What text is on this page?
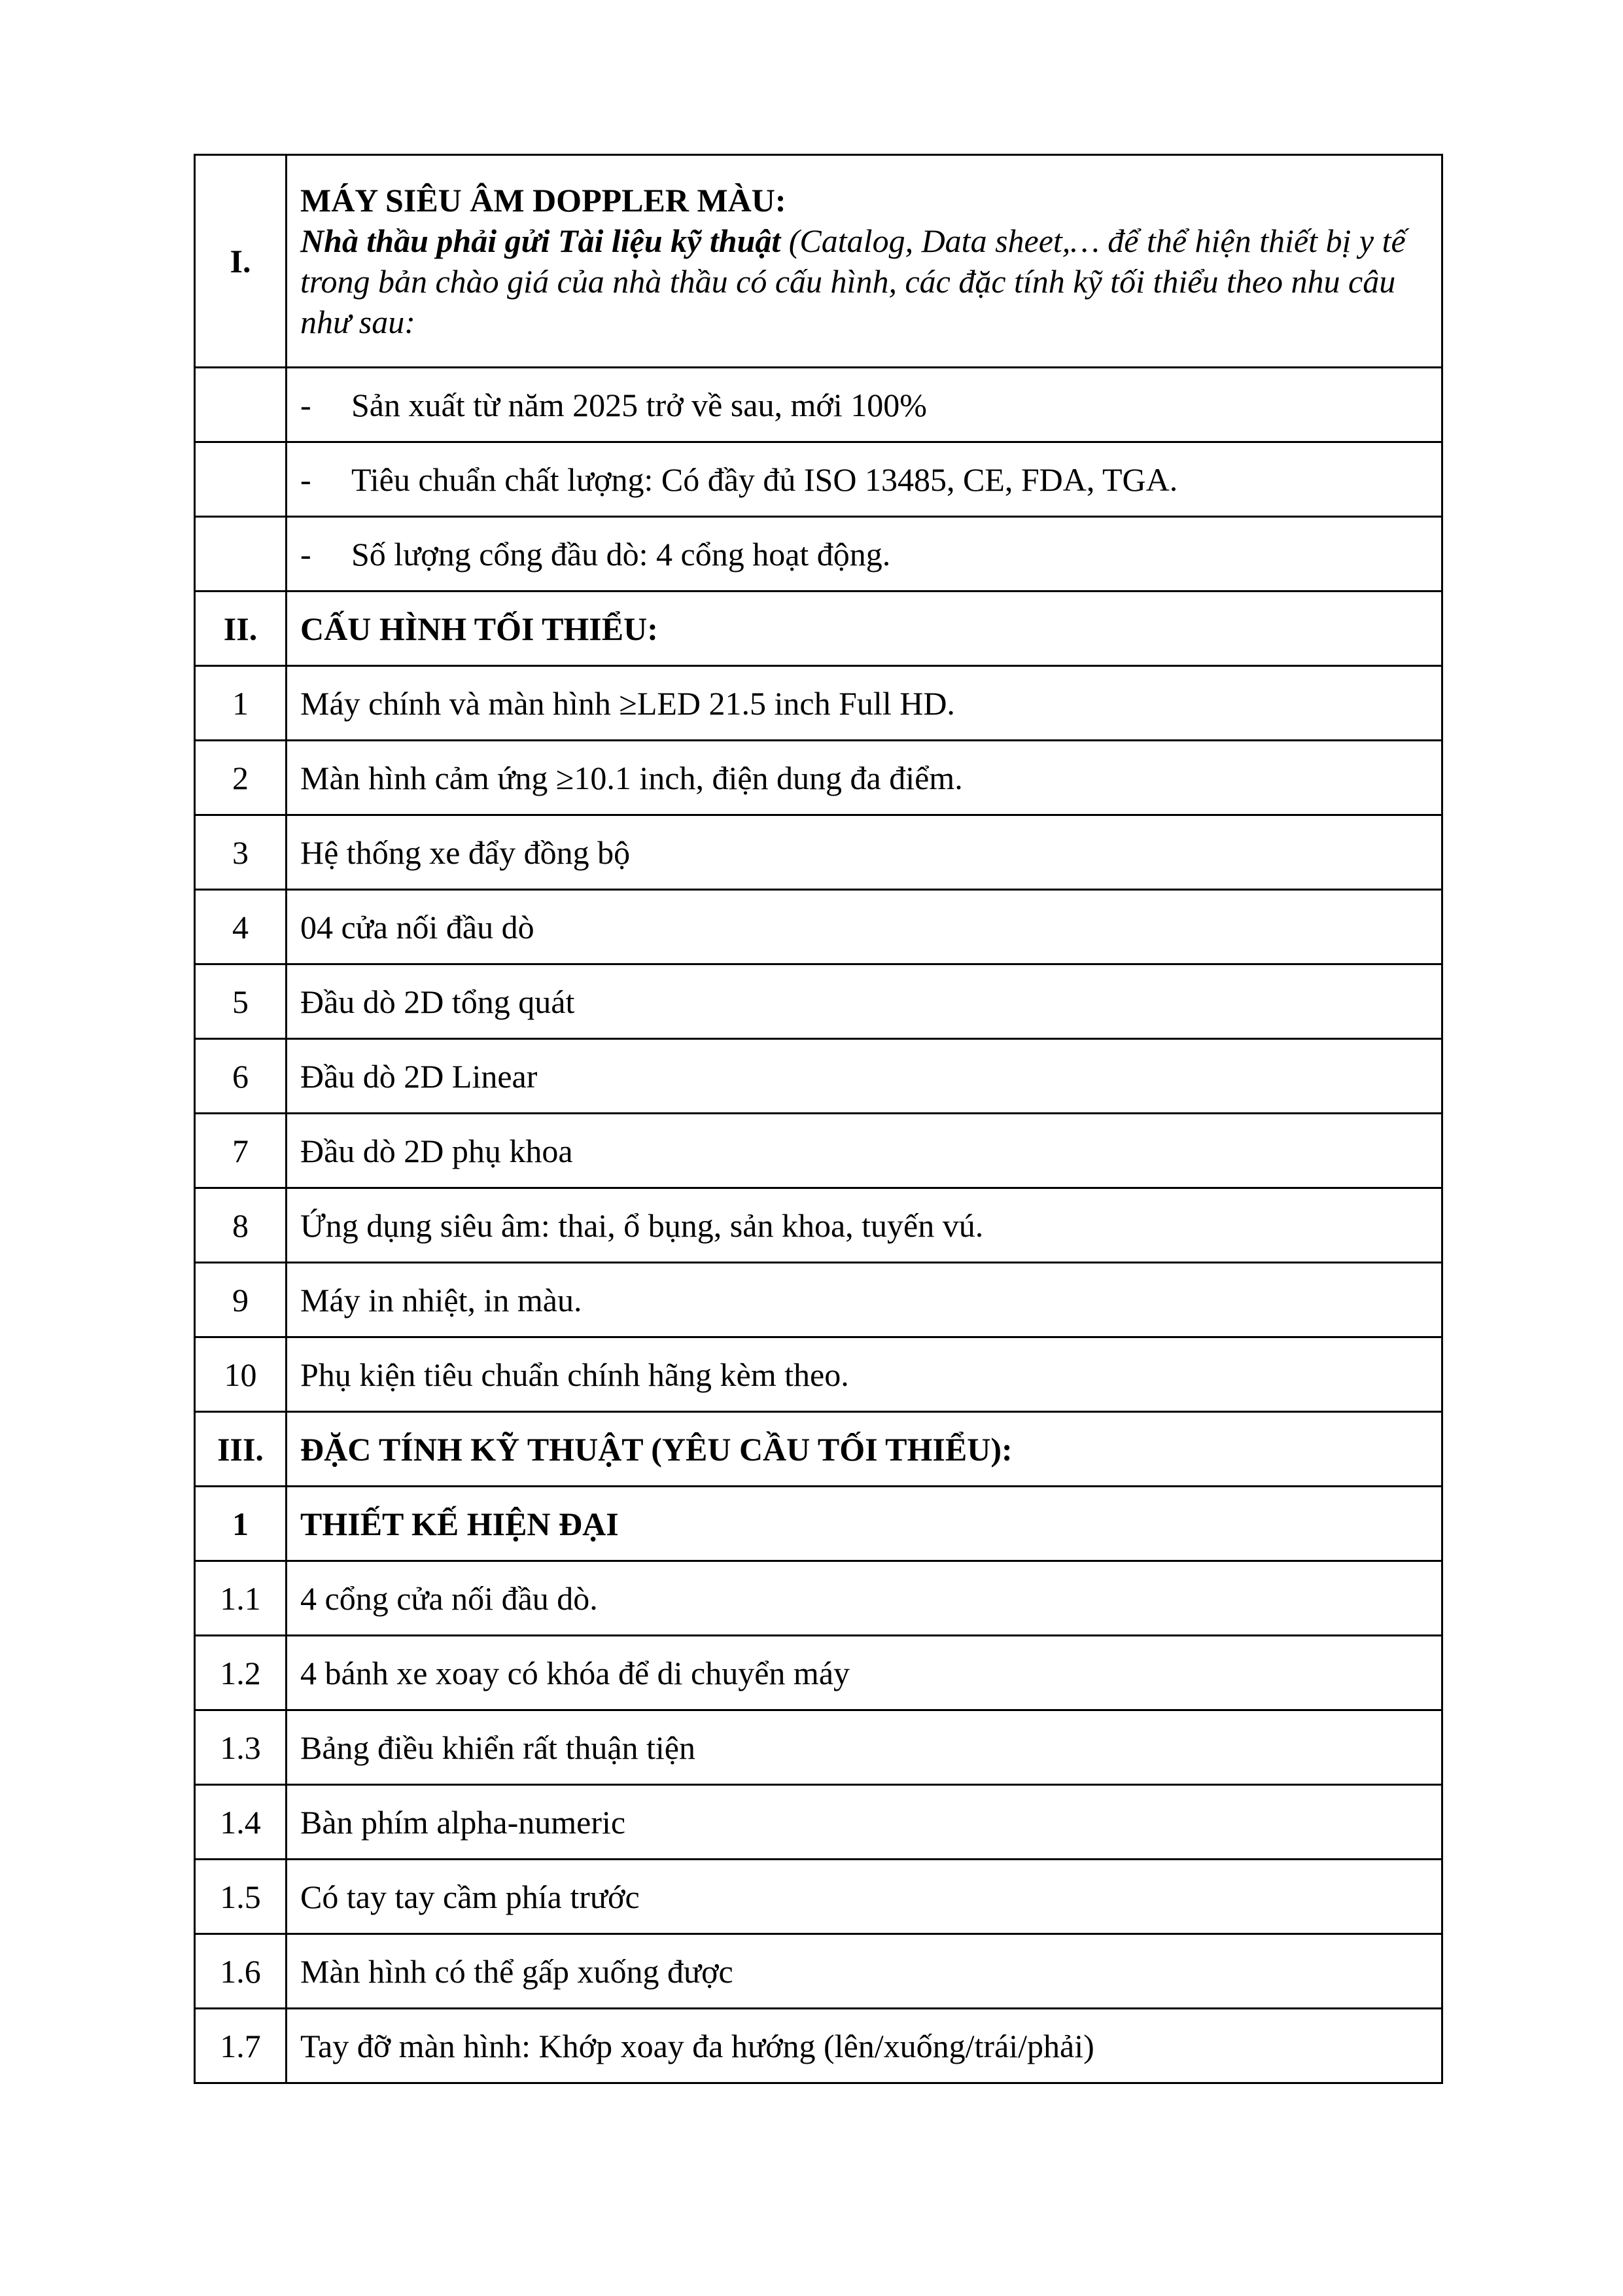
I.	MÁY SIÊU ÂM DOPPLER MÀU:

Nhà thầu phải gửi Tài liệu kỹ thuật (Catalog, Data sheet,… để thể hiện thiết bị y tế trong bản chào giá của nhà thầu có cấu hình, các đặc tính kỹ tối thiểu theo nhu câu như sau:

	- Sản xuất từ năm 2025 trở về sau, mới 100%
	- Tiêu chuẩn chất lượng: Có đầy đủ ISO 13485, CE, FDA, TGA.
	- Số lượng cổng đầu dò: 4 cổng hoạt động.
II.	CẤU HÌNH TỐI THIỂU:
1	Máy chính và màn hình ≥LED 21.5 inch Full HD.
2	Màn hình cảm ứng ≥10.1 inch, điện dung đa điểm.
3	Hệ thống xe đẩy đồng bộ
4	04 cửa nối đầu dò
5	Đầu dò 2D tổng quát
6	Đầu dò 2D Linear
7	Đầu dò 2D phụ khoa
8	Ứng dụng siêu âm: thai, ổ bụng, sản khoa, tuyến vú.
9	Máy in nhiệt, in màu.
10	Phụ kiện tiêu chuẩn chính hãng kèm theo.
III.	ĐẶC TÍNH KỸ THUẬT (YÊU CẦU TỐI THIỂU):
1	THIẾT KẾ HIỆN ĐẠI
1.1	4 cổng cửa nối đầu dò.
1.2	4 bánh xe xoay có khóa để di chuyển máy
1.3	Bảng điều khiển rất thuận tiện
1.4	Bàn phím alpha-numeric
1.5	Có tay tay cầm phía trước
1.6	Màn hình có thể gấp xuống được
1.7	Tay đỡ màn hình: Khớp xoay đa hướng (lên/xuống/trái/phải)
